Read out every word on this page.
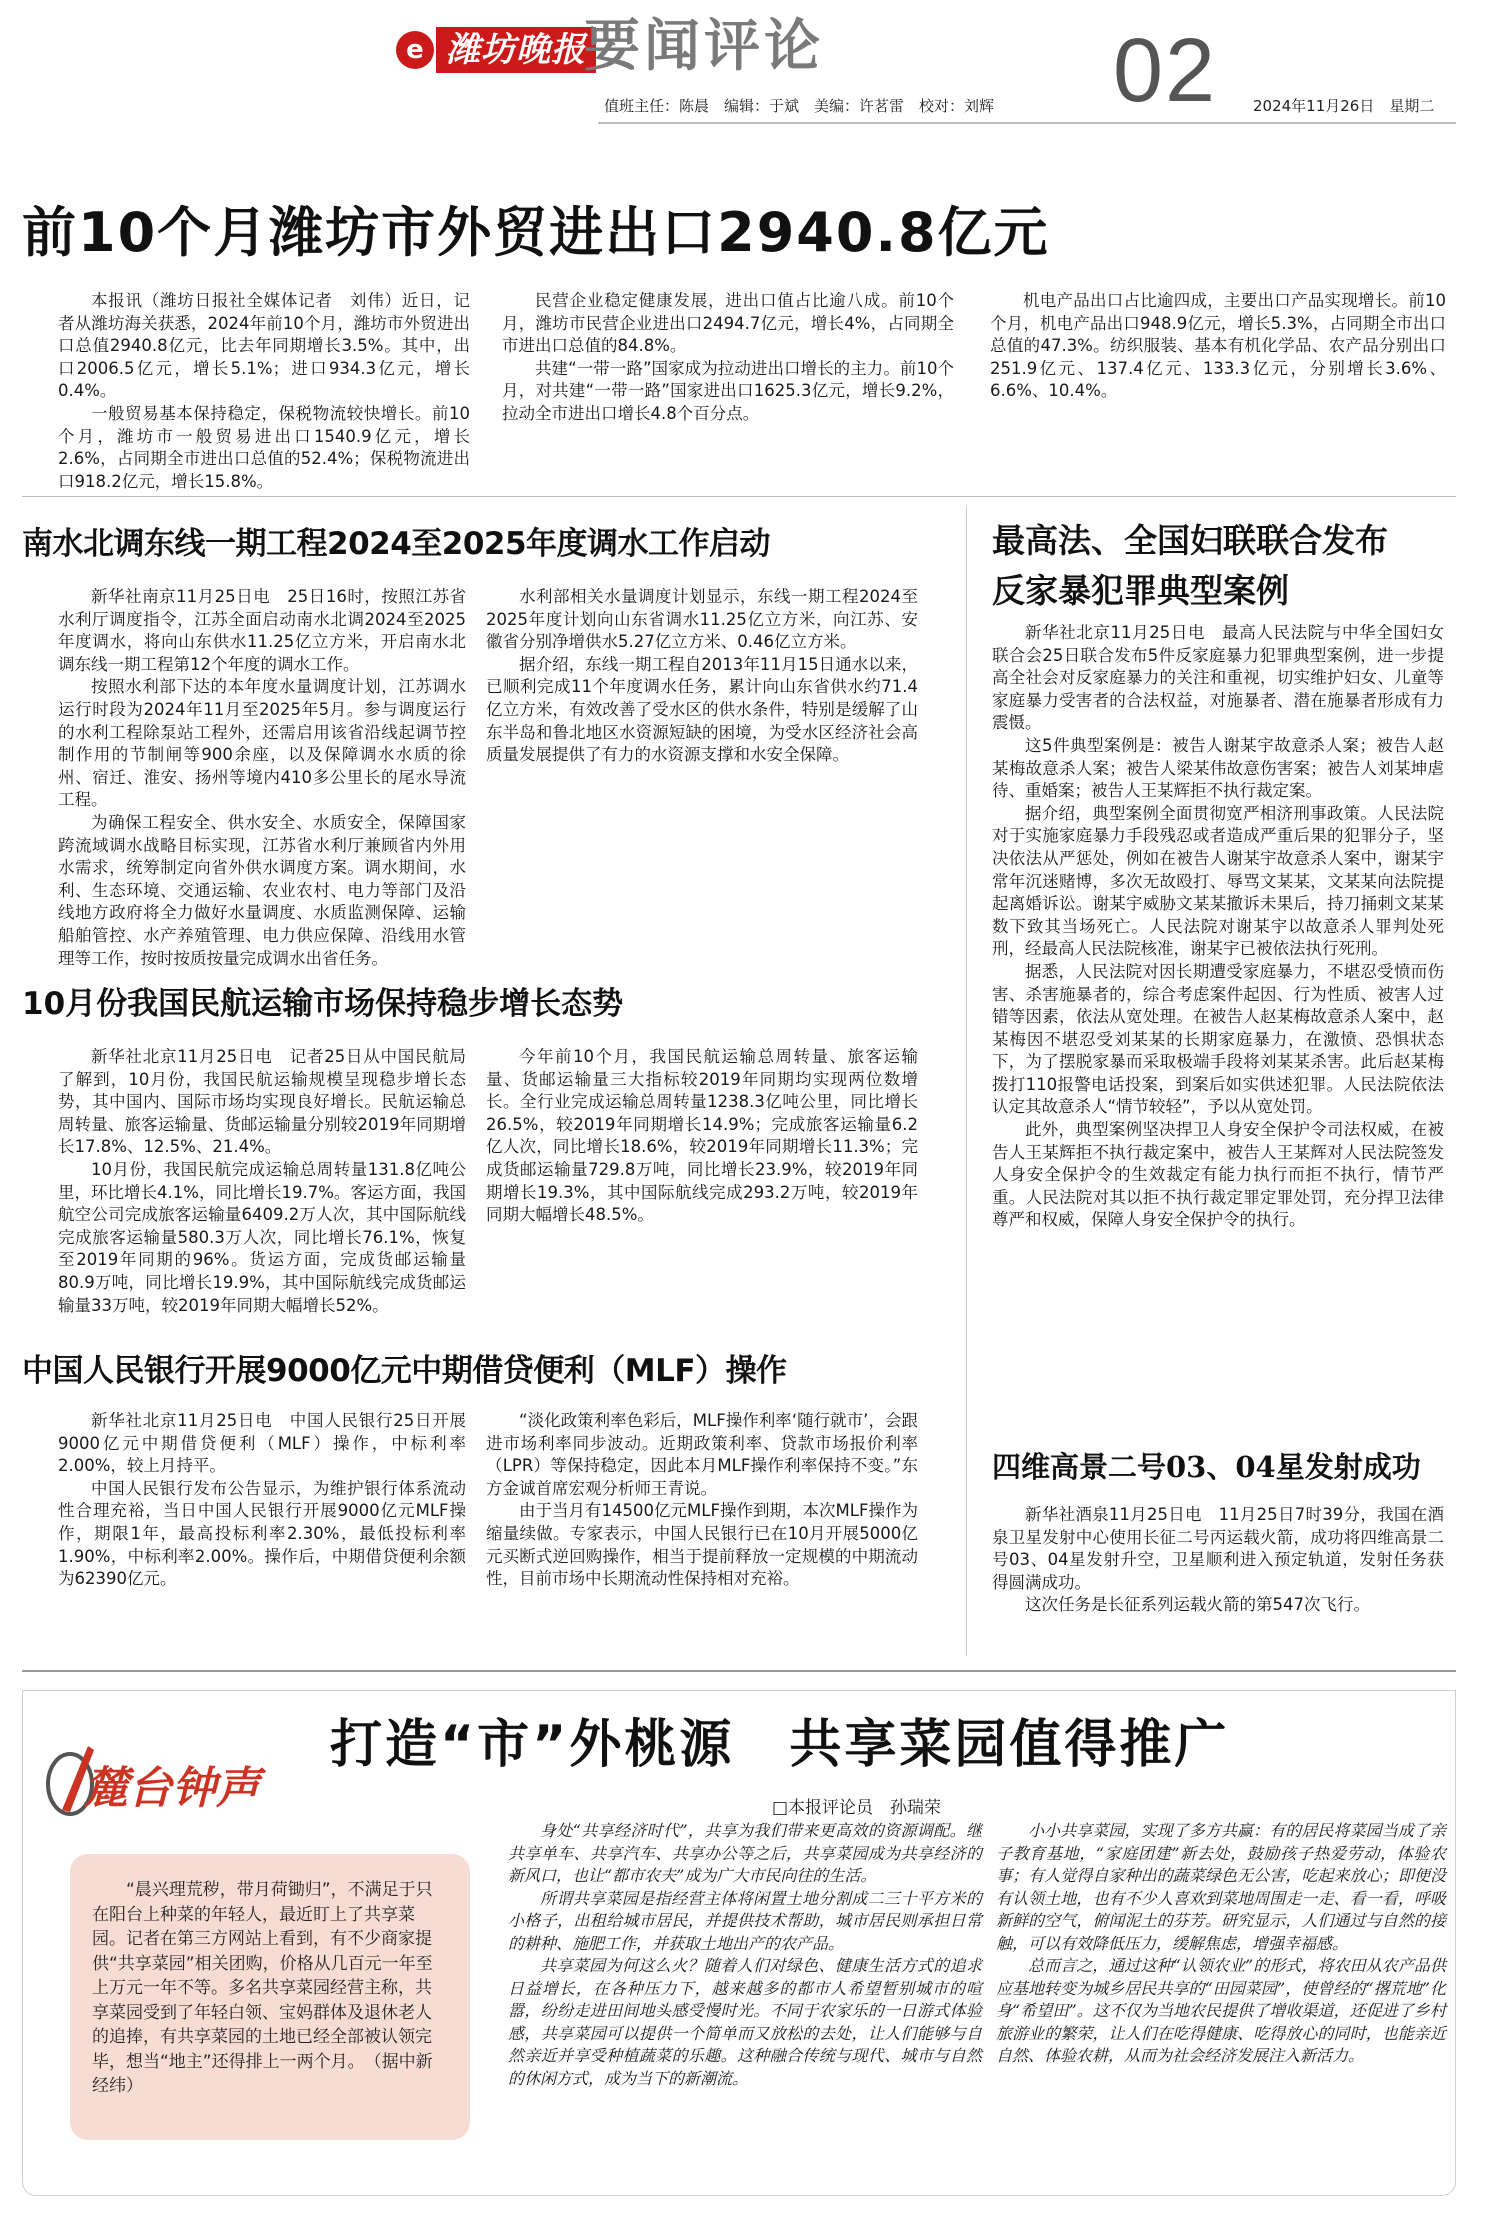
e 潍坊晚报
要闻评论
值班主任：陈晨　编辑：于斌　美编：许茗雷　校对：刘辉 02 2024年11月26日　星期二
前10个月潍坊市外贸进出口2940.8亿元

本报讯（潍坊日报社全媒体记者　刘伟）近日，记者从潍坊海关获悉，2024年前10个月，潍坊市外贸进出口总值2940.8亿元，比去年同期增长3.5%。其中，出口2006.5亿元，增长5.1%；进口934.3亿元，增长0.4%。

一般贸易基本保持稳定，保税物流较快增长。前10个月，潍坊市一般贸易进出口1540.9亿元，增长2.6%，占同期全市进出口总值的52.4%；保税物流进出口918.2亿元，增长15.8%。

民营企业稳定健康发展，进出口值占比逾八成。前10个月，潍坊市民营企业进出口2494.7亿元，增长4%，占同期全市进出口总值的84.8%。

共建“一带一路”国家成为拉动进出口增长的主力。前10个月，对共建“一带一路”国家进出口1625.3亿元，增长9.2%，拉动全市进出口增长4.8个百分点。

机电产品出口占比逾四成，主要出口产品实现增长。前10个月，机电产品出口948.9亿元，增长5.3%，占同期全市出口总值的47.3%。纺织服装、基本有机化学品、农产品分别出口251.9亿元、137.4亿元、133.3亿元，分别增长3.6%、6.6%、10.4%。

南水北调东线一期工程2024至2025年度调水工作启动

新华社南京11月25日电　25日16时，按照江苏省水利厅调度指令，江苏全面启动南水北调2024至2025年度调水，将向山东供水11.25亿立方米，开启南水北调东线一期工程第12个年度的调水工作。

按照水利部下达的本年度水量调度计划，江苏调水运行时段为2024年11月至2025年5月。参与调度运行的水利工程除泵站工程外，还需启用该省沿线起调节控制作用的节制闸等900余座，以及保障调水水质的徐州、宿迁、淮安、扬州等境内410多公里长的尾水导流工程。

为确保工程安全、供水安全、水质安全，保障国家跨流域调水战略目标实现，江苏省水利厅兼顾省内外用水需求，统筹制定向省外供水调度方案。调水期间，水利、生态环境、交通运输、农业农村、电力等部门及沿线地方政府将全力做好水量调度、水质监测保障、运输船舶管控、水产养殖管理、电力供应保障、沿线用水管理等工作，按时按质按量完成调水出省任务。

水利部相关水量调度计划显示，东线一期工程2024至2025年度计划向山东省调水11.25亿立方米，向江苏、安徽省分别净增供水5.27亿立方米、0.46亿立方米。

据介绍，东线一期工程自2013年11月15日通水以来，已顺利完成11个年度调水任务，累计向山东省供水约71.4亿立方米，有效改善了受水区的供水条件，特别是缓解了山东半岛和鲁北地区水资源短缺的困境，为受水区经济社会高质量发展提供了有力的水资源支撑和水安全保障。

10月份我国民航运输市场保持稳步增长态势

新华社北京11月25日电　记者25日从中国民航局了解到，10月份，我国民航运输规模呈现稳步增长态势，其中国内、国际市场均实现良好增长。民航运输总周转量、旅客运输量、货邮运输量分别较2019年同期增长17.8%、12.5%、21.4%。

10月份，我国民航完成运输总周转量131.8亿吨公里，环比增长4.1%，同比增长19.7%。客运方面，我国航空公司完成旅客运输量6409.2万人次，其中国际航线完成旅客运输量580.3万人次，同比增长76.1%，恢复至2019年同期的96%。货运方面，完成货邮运输量80.9万吨，同比增长19.9%，其中国际航线完成货邮运输量33万吨，较2019年同期大幅增长52%。

今年前10个月，我国民航运输总周转量、旅客运输量、货邮运输量三大指标较2019年同期均实现两位数增长。全行业完成运输总周转量1238.3亿吨公里，同比增长26.5%，较2019年同期增长14.9%；完成旅客运输量6.2亿人次，同比增长18.6%，较2019年同期增长11.3%；完成货邮运输量729.8万吨，同比增长23.9%，较2019年同期增长19.3%，其中国际航线完成293.2万吨，较2019年同期大幅增长48.5%。

中国人民银行开展9000亿元中期借贷便利（MLF）操作

新华社北京11月25日电　中国人民银行25日开展9000亿元中期借贷便利（MLF）操作，中标利率2.00%，较上月持平。

中国人民银行发布公告显示，为维护银行体系流动性合理充裕，当日中国人民银行开展9000亿元MLF操作，期限1年，最高投标利率2.30%，最低投标利率1.90%，中标利率2.00%。操作后，中期借贷便利余额为62390亿元。

“淡化政策利率色彩后，MLF操作利率‘随行就市’，会跟进市场利率同步波动。近期政策利率、贷款市场报价利率（LPR）等保持稳定，因此本月MLF操作利率保持不变。”东方金诚首席宏观分析师王青说。

由于当月有14500亿元MLF操作到期，本次MLF操作为缩量续做。专家表示，中国人民银行已在10月开展5000亿元买断式逆回购操作，相当于提前释放一定规模的中期流动性，目前市场中长期流动性保持相对充裕。

最高法、全国妇联联合发布
反家暴犯罪典型案例

新华社北京11月25日电　最高人民法院与中华全国妇女联合会25日联合发布5件反家庭暴力犯罪典型案例，进一步提高全社会对反家庭暴力的关注和重视，切实维护妇女、儿童等家庭暴力受害者的合法权益，对施暴者、潜在施暴者形成有力震慑。

这5件典型案例是：被告人谢某宇故意杀人案；被告人赵某梅故意杀人案；被告人梁某伟故意伤害案；被告人刘某坤虐待、重婚案；被告人王某辉拒不执行裁定案。

据介绍，典型案例全面贯彻宽严相济刑事政策。人民法院对于实施家庭暴力手段残忍或者造成严重后果的犯罪分子，坚决依法从严惩处，例如在被告人谢某宇故意杀人案中，谢某宇常年沉迷赌博，多次无故殴打、辱骂文某某，文某某向法院提起离婚诉讼。谢某宇威胁文某某撤诉未果后，持刀捅刺文某某数下致其当场死亡。人民法院对谢某宇以故意杀人罪判处死刑，经最高人民法院核准，谢某宇已被依法执行死刑。

据悉，人民法院对因长期遭受家庭暴力，不堪忍受愤而伤害、杀害施暴者的，综合考虑案件起因、行为性质、被害人过错等因素，依法从宽处理。在被告人赵某梅故意杀人案中，赵某梅因不堪忍受刘某某的长期家庭暴力，在激愤、恐惧状态下，为了摆脱家暴而采取极端手段将刘某某杀害。此后赵某梅拨打110报警电话投案，到案后如实供述犯罪。人民法院依法认定其故意杀人“情节较轻”，予以从宽处罚。

此外，典型案例坚决捍卫人身安全保护令司法权威，在被告人王某辉拒不执行裁定案中，被告人王某辉对人民法院签发人身安全保护令的生效裁定有能力执行而拒不执行，情节严重。人民法院对其以拒不执行裁定罪定罪处罚，充分捍卫法律尊严和权威，保障人身安全保护令的执行。

四维高景二号03、04星发射成功

新华社酒泉11月25日电　11月25日7时39分，我国在酒泉卫星发射中心使用长征二号丙运载火箭，成功将四维高景二号03、04星发射升空，卫星顺利进入预定轨道，发射任务获得圆满成功。

这次任务是长征系列运载火箭的第547次飞行。

麓台钟声
打造“市”外桃源　共享菜园值得推广
□本报评论员　孙瑞荣

“晨兴理荒秽，带月荷锄归”，不满足于只在阳台上种菜的年轻人，最近盯上了共享菜园。记者在第三方网站上看到，有不少商家提供“共享菜园”相关团购，价格从几百元一年至上万元一年不等。多名共享菜园经营主称，共享菜园受到了年轻白领、宝妈群体及退休老人的追捧，有共享菜园的土地已经全部被认领完毕，想当“地主”还得排上一两个月。　（据中新经纬）

身处“共享经济时代”，共享为我们带来更高效的资源调配。继共享单车、共享汽车、共享办公等之后，共享菜园成为共享经济的新风口，也让“都市农夫”成为广大市民向往的生活。

所谓共享菜园是指经营主体将闲置土地分割成二三十平方米的小格子，出租给城市居民，并提供技术帮助，城市居民则承担日常的耕种、施肥工作，并获取土地出产的农产品。

共享菜园为何这么火？随着人们对绿色、健康生活方式的追求日益增长，在各种压力下，越来越多的都市人希望暂别城市的喧嚣，纷纷走进田间地头感受慢时光。不同于农家乐的一日游式体验感，共享菜园可以提供一个简单而又放松的去处，让人们能够与自然亲近并享受种植蔬菜的乐趣。这种融合传统与现代、城市与自然的休闲方式，成为当下的新潮流。

小小共享菜园，实现了多方共赢：有的居民将菜园当成了亲子教育基地，“家庭团建”新去处，鼓励孩子热爱劳动，体验农事；有人觉得自家种出的蔬菜绿色无公害，吃起来放心；即便没有认领土地，也有不少人喜欢到菜地周围走一走、看一看，呼吸新鲜的空气，俯闻泥土的芬芳。研究显示，人们通过与自然的接触，可以有效降低压力，缓解焦虑，增强幸福感。

总而言之，通过这种“认领农业”的形式，将农田从农产品供应基地转变为城乡居民共享的“田园菜园”，使曾经的“撂荒地”化身“希望田”。这不仅为当地农民提供了增收渠道，还促进了乡村旅游业的繁荣，让人们在吃得健康、吃得放心的同时，也能亲近自然、体验农耕，从而为社会经济发展注入新活力。
